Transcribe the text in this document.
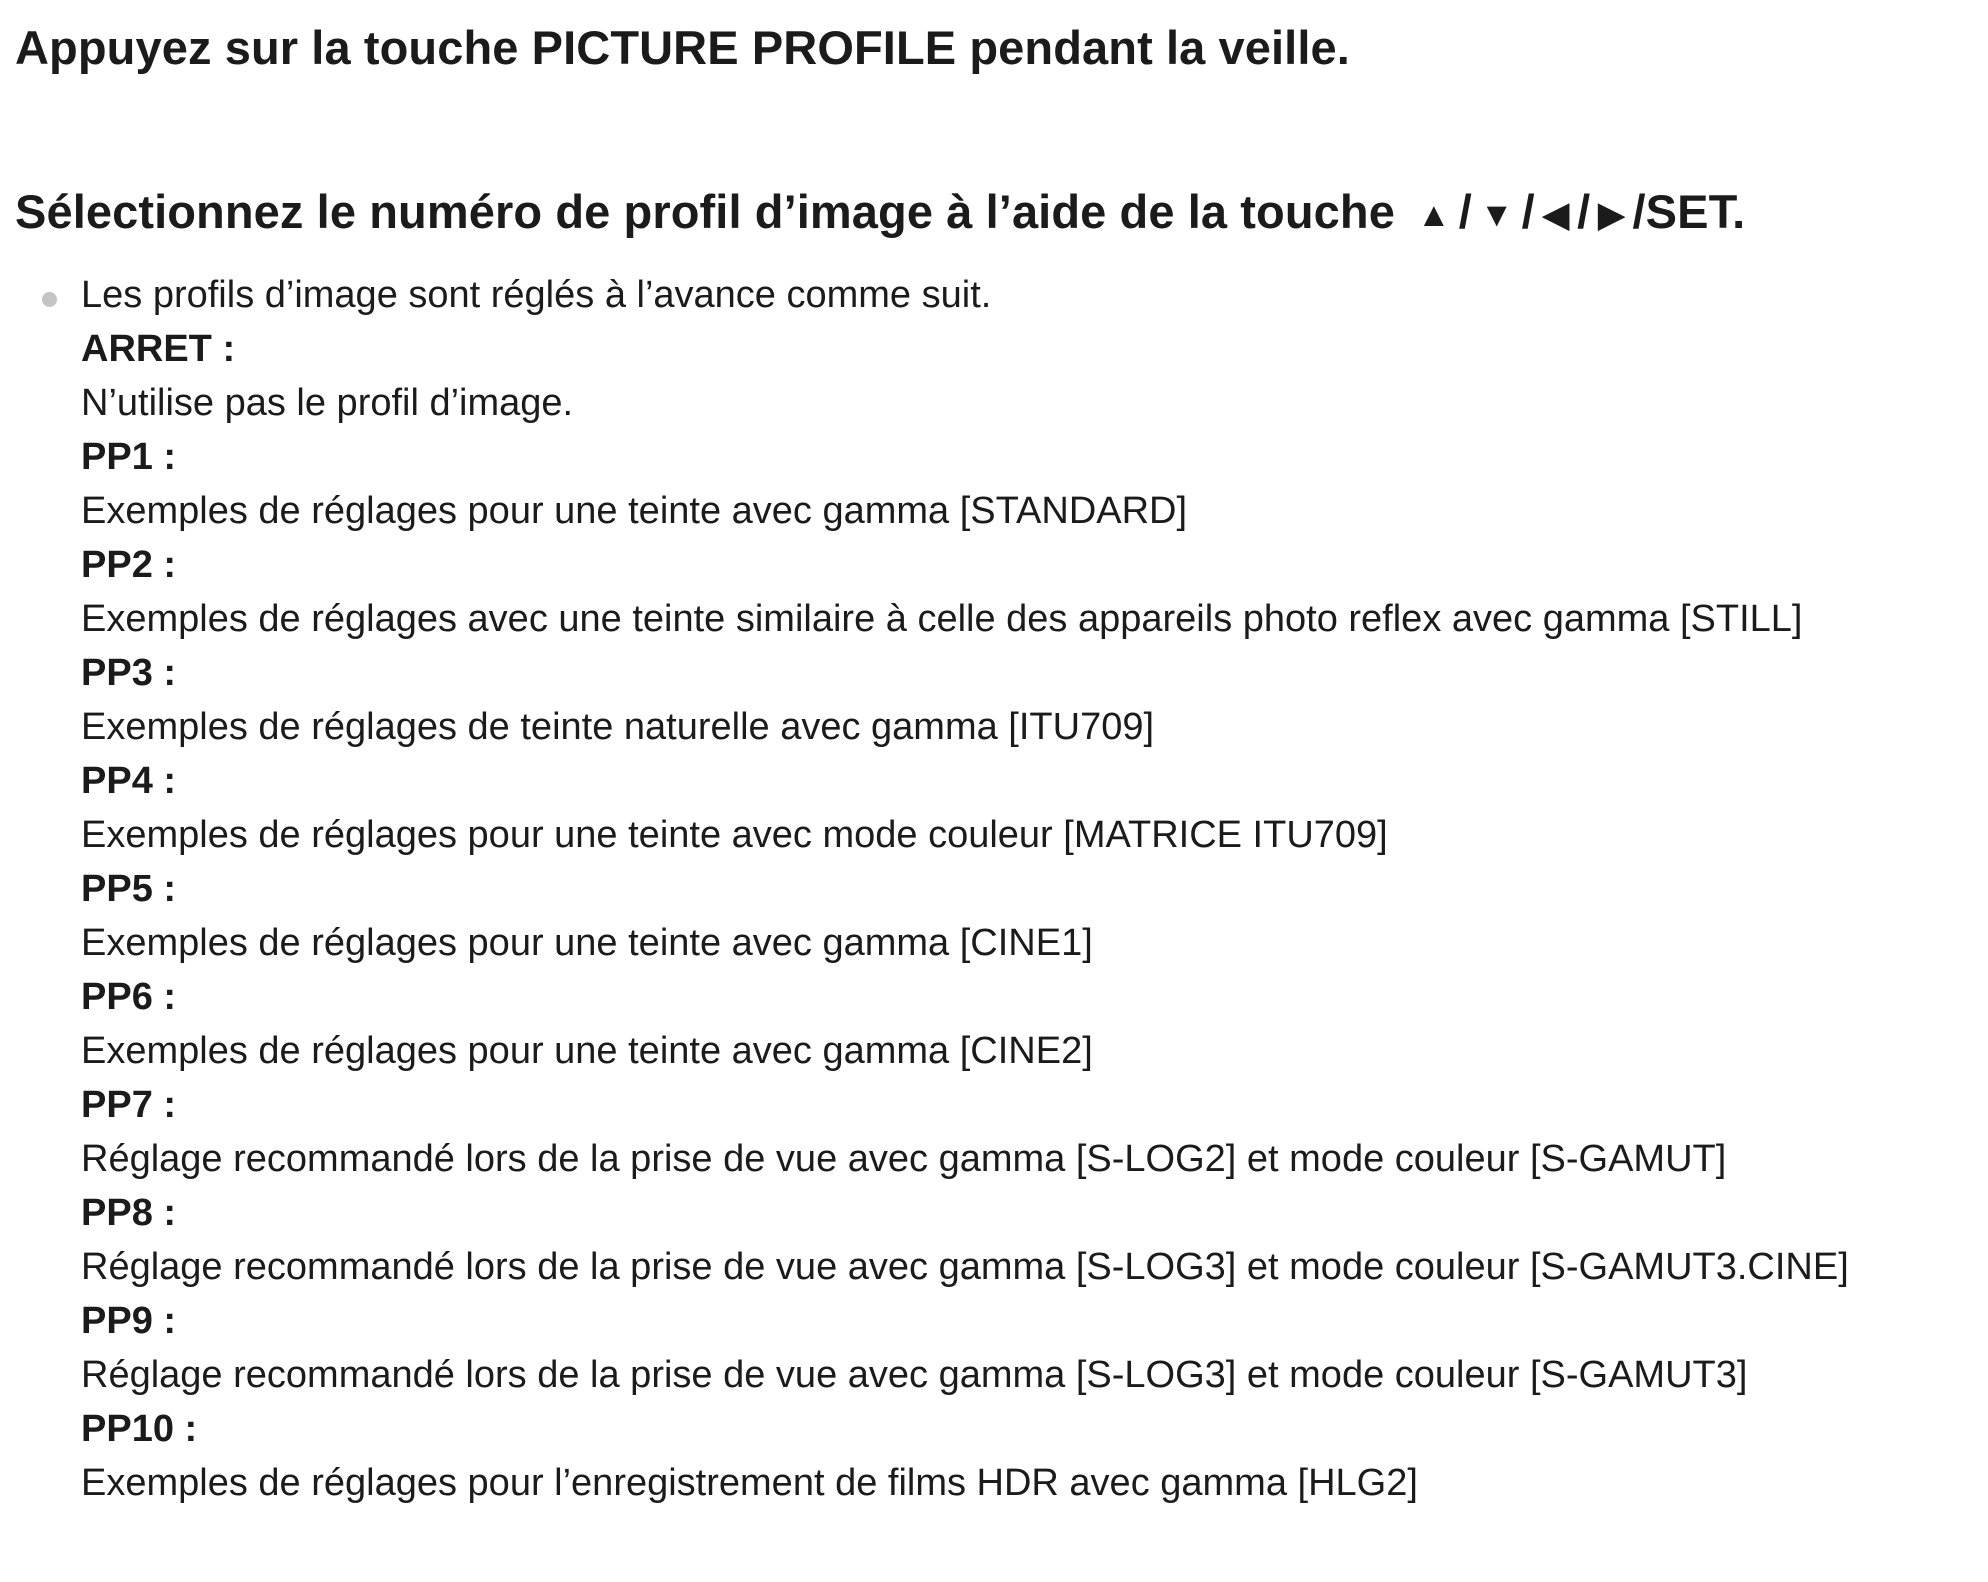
Appuyez sur la touche PICTURE PROFILE pendant la veille.
Sélectionnez le numéro de profil d’image à l’aide de la touche ▲ / ▼ / ◀ / ▶ /SET.
Les profils d’image sont réglés à l’avance comme suit.
ARRET :
N’utilise pas le profil d’image.
PP1 :
Exemples de réglages pour une teinte avec gamma [STANDARD]
PP2 :
Exemples de réglages avec une teinte similaire à celle des appareils photo reflex avec gamma [STILL]
PP3 :
Exemples de réglages de teinte naturelle avec gamma [ITU709]
PP4 :
Exemples de réglages pour une teinte avec mode couleur [MATRICE ITU709]
PP5 :
Exemples de réglages pour une teinte avec gamma [CINE1]
PP6 :
Exemples de réglages pour une teinte avec gamma [CINE2]
PP7 :
Réglage recommandé lors de la prise de vue avec gamma [S-LOG2] et mode couleur [S-GAMUT]
PP8 :
Réglage recommandé lors de la prise de vue avec gamma [S-LOG3] et mode couleur [S-GAMUT3.CINE]
PP9 :
Réglage recommandé lors de la prise de vue avec gamma [S-LOG3] et mode couleur [S-GAMUT3]
PP10 :
Exemples de réglages pour l’enregistrement de films HDR avec gamma [HLG2]
